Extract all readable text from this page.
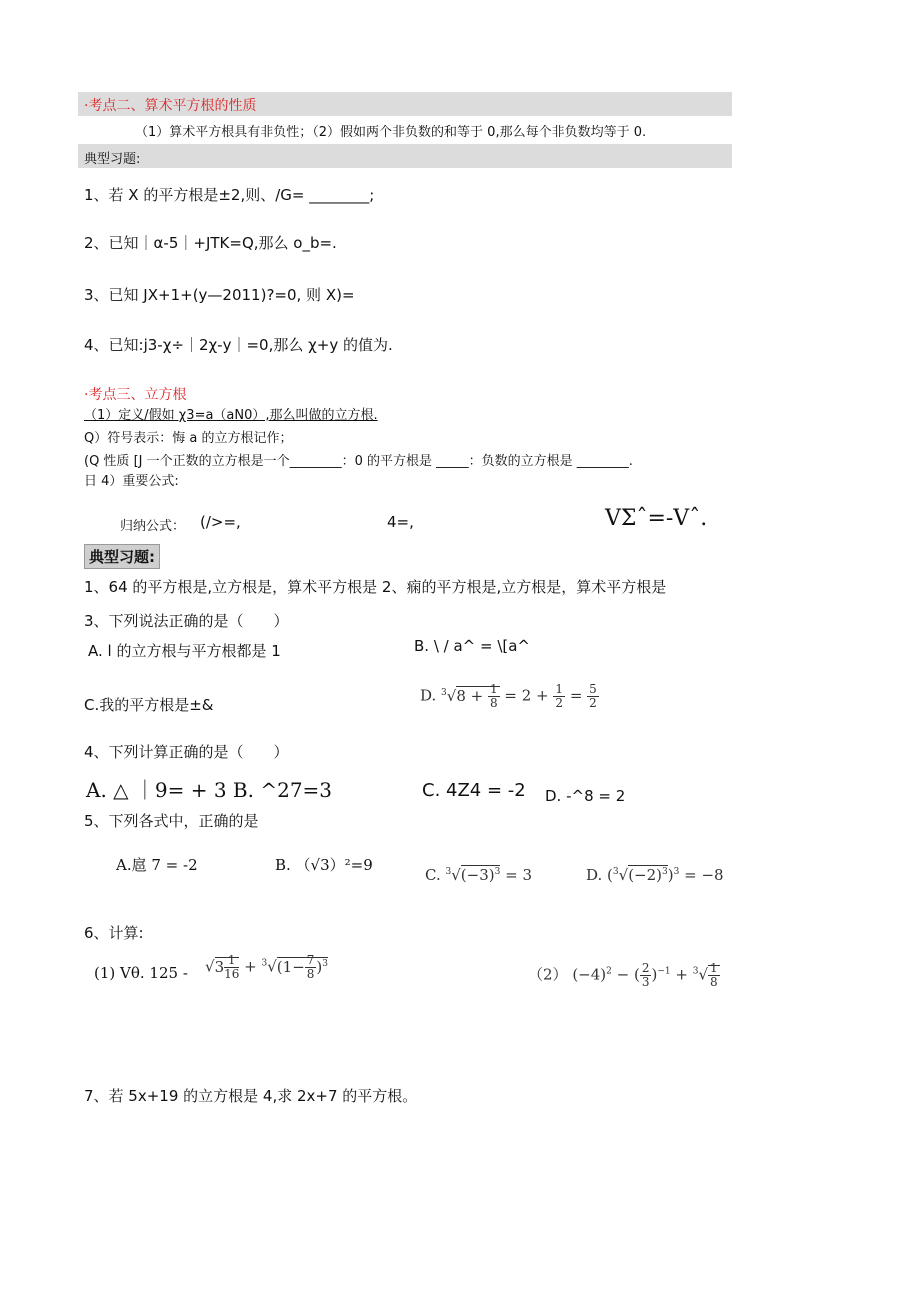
·考点二、算术平方根的性质
（1）算术平方根具有非负性；（2）假如两个非负数的和等于 0,那么每个非负数均等于 0.
典型习题:
1、若 X 的平方根是±2,则、/G= ________;
2、已知｜α-5｜+JTK=Q,那么 o_b=.
3、已知 JX+1+(y—2011)?=0, 则 X)=
4、已知:j3-χ÷｜2χ-y｜=0,那么 χ+y 的值为.
·考点三、立方根
（1）定义/假如 χ3=a（aN0）,那么叫做的立方根.
Q）符号表示：悔 a 的立方根记作；
(Q 性质 [J 一个正数的立方根是一个________：0 的平方根是 _____：负数的立方根是 ________.
日 4）重要公式:
归纳公式： (/>=,	4=,	VΣˆ=-Vˆ.
典型习题:
1、64 的平方根是,立方根是，算术平方根是 2、痫的平方根是,立方根是，算术平方根是
3、下列说法正确的是（　　）
A. l 的立方根与平方根都是 1	B. \ / a^ = \[a^
C.我的平方根是±&
D. $^3√8 + \frac{1}{8} = 2 + \frac{1}{2} = \frac{5}{2}$
4、下列计算正确的是（　　）
A. △ ｜9= + 3 B. ^27=3	C. 4Z4 = -2 D. -^8 = 2
5、下列各式中，正确的是
A.扈 7 = -2	B. （√3）²=9
C. $^3√(-3)^3 = 3$	D. $(^3√(-2)^3)^3 = -8$
6、计算:
(1) Vθ. $125 - √3 \frac{1}{16} + ^3√(1- \frac{7}{8} )^3$
（2） $(-4)^2$ − ( $\frac{2}{3} )^{-1} + ^3√ \frac{1}{8}$
7、若 5x+19 的立方根是 4,求 2x+7 的平方根。
